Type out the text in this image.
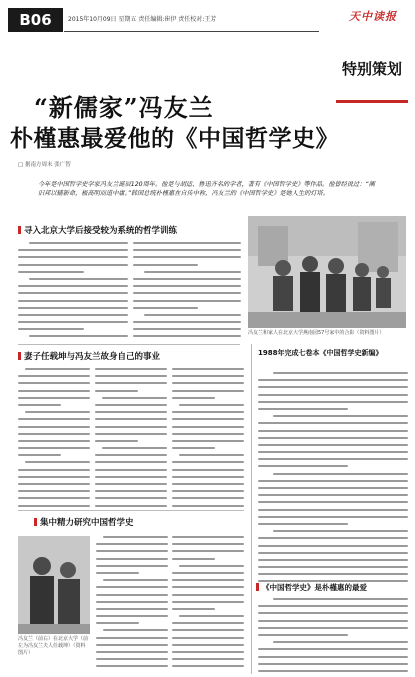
B06	2015年10月09日 星期五 责任编辑:崔伊 责任校对:王芳	天中读报
特别策划
“新儒家”冯友兰
朴槿惠最爱他的《中国哲学史》
□ 据南方周末 张广智
今年是中国哲学史学家冯友兰诞辰120周年。他是与胡适、鲁迅齐名的学者，著有《中国哲学史》等作品。他曾经说过：“阐旧邦以辅新命，极高明而道中庸。”韩国总统朴槿惠在自传中称，冯友兰的《中国哲学史》是她人生的灯塔。
寻入北京大学后接受较为系统的哲学训练
冯友兰和家人在北京大学燕南园57号家中的合影（资料图片）
妻子任载坤与冯友兰故身自己的事业	1988年完成七卷本《中国哲学史新编》
《中国哲学史》是朴槿惠的最爱
集中精力研究中国哲学史
冯友兰（前右）在北京大学（前左为冯友兰夫人任载坤）（资料图片）
